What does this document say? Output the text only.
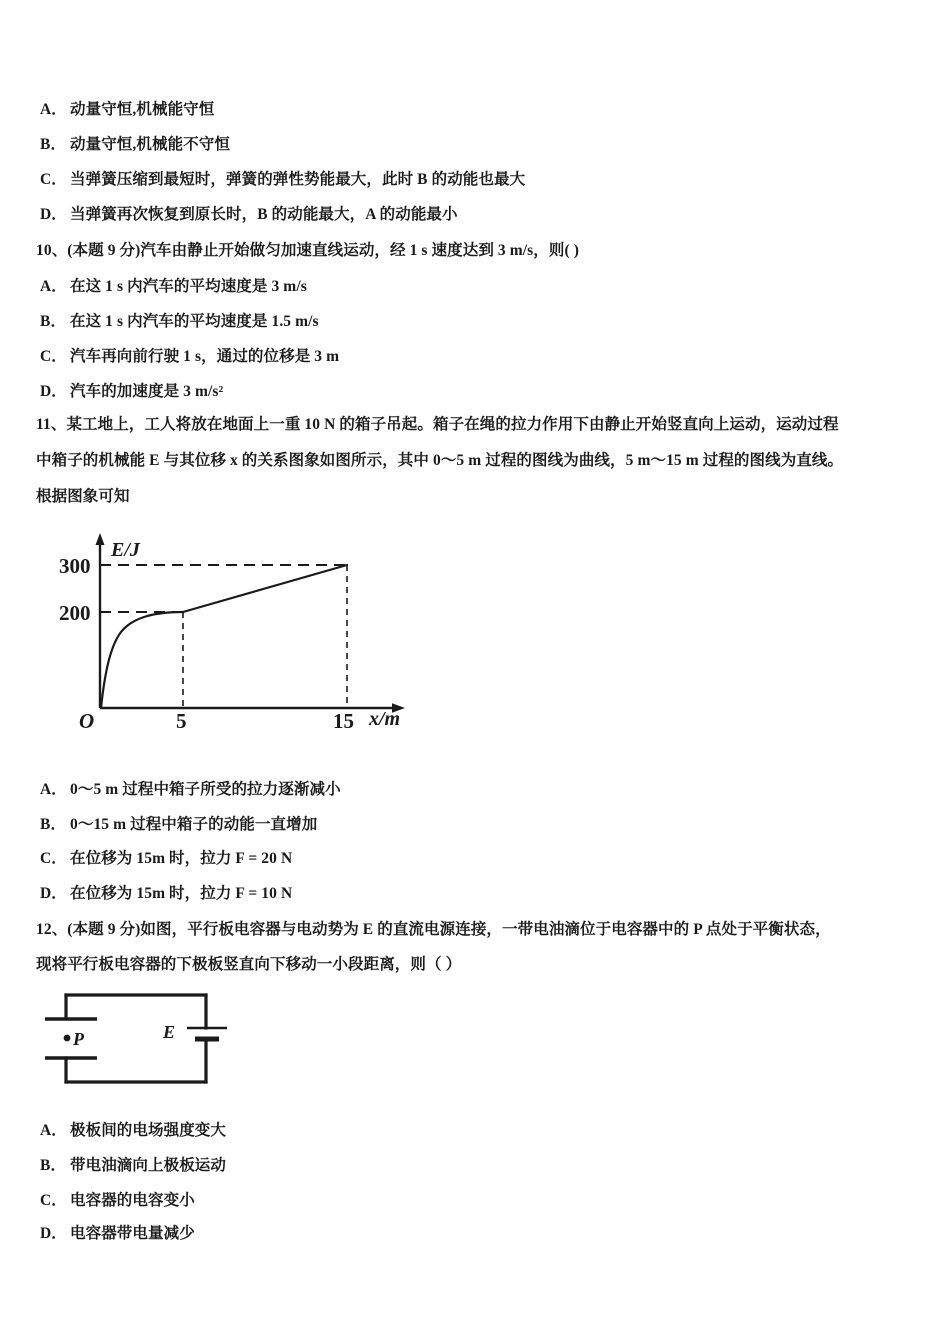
A． 动量守恒,机械能守恒
B． 动量守恒,机械能不守恒
C． 当弹簧压缩到最短时，弹簧的弹性势能最大，此时 B 的动能也最大
D． 当弹簧再次恢复到原长时，B 的动能最大，A 的动能最小
10、(本题 9 分)汽车由静止开始做匀加速直线运动，经 1 s 速度达到 3 m/s，则( )
A． 在这 1 s 内汽车的平均速度是 3 m/s
B． 在这 1 s 内汽车的平均速度是 1.5 m/s
C． 汽车再向前行驶 1 s，通过的位移是 3 m
D． 汽车的加速度是 3 m/s²
11、某工地上，工人将放在地面上一重 10 N 的箱子吊起。箱子在绳的拉力作用下由静止开始竖直向上运动，运动过程
中箱子的机械能 E 与其位移 x 的关系图象如图所示，其中 0～5 m 过程的图线为曲线，5 m～15 m 过程的图线为直线。
根据图象可知
E/J
x/m
300
200
5	15
O
A． 0～5 m 过程中箱子所受的拉力逐渐减小
B． 0～15 m 过程中箱子的动能一直增加
C． 在位移为 15m 时，拉力 F = 20 N
D． 在位移为 15m 时，拉力 F = 10 N
12、(本题 9 分)如图，平行板电容器与电动势为 E 的直流电源连接，一带电油滴位于电容器中的 P 点处于平衡状态，
现将平行板电容器的下极板竖直向下移动一小段距离，则（ ）
P	E
A． 极板间的电场强度变大
B． 带电油滴向上极板运动
C． 电容器的电容变小
D． 电容器带电量减少
